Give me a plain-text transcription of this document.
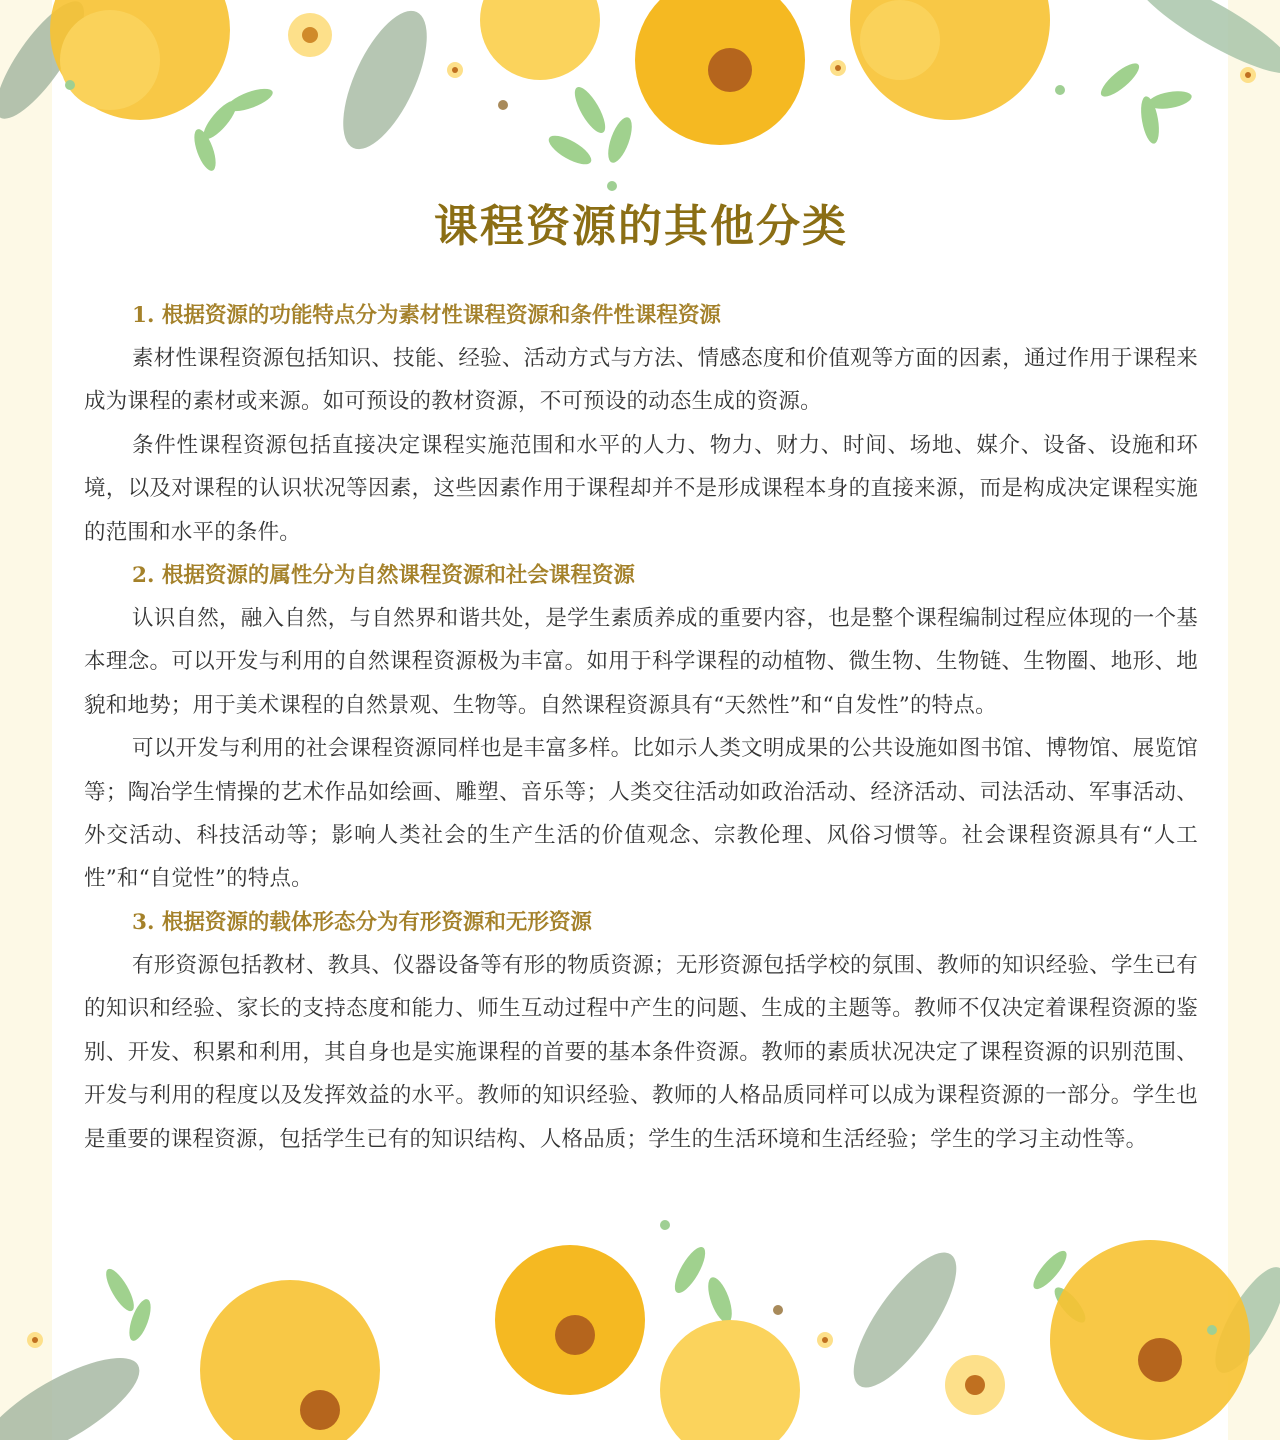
课程资源的其他分类

1. 根据资源的功能特点分为素材性课程资源和条件性课程资源

素材性课程资源包括知识、技能、经验、活动方式与方法、情感态度和价值观等方面的因素，通过作用于课程来成为课程的素材或来源。如可预设的教材资源，不可预设的动态生成的资源。

条件性课程资源包括直接决定课程实施范围和水平的人力、物力、财力、时间、场地、媒介、设备、设施和环境，以及对课程的认识状况等因素，这些因素作用于课程却并不是形成课程本身的直接来源，而是构成决定课程实施的范围和水平的条件。

2. 根据资源的属性分为自然课程资源和社会课程资源

认识自然，融入自然，与自然界和谐共处，是学生素质养成的重要内容，也是整个课程编制过程应体现的一个基本理念。可以开发与利用的自然课程资源极为丰富。如用于科学课程的动植物、微生物、生物链、生物圈、地形、地貌和地势；用于美术课程的自然景观、生物等。自然课程资源具有“天然性”和“自发性”的特点。

可以开发与利用的社会课程资源同样也是丰富多样。比如示人类文明成果的公共设施如图书馆、博物馆、展览馆等；陶冶学生情操的艺术作品如绘画、雕塑、音乐等；人类交往活动如政治活动、经济活动、司法活动、军事活动、外交活动、科技活动等；影响人类社会的生产生活的价值观念、宗教伦理、风俗习惯等。社会课程资源具有“人工性”和“自觉性”的特点。

3. 根据资源的载体形态分为有形资源和无形资源

有形资源包括教材、教具、仪器设备等有形的物质资源；无形资源包括学校的氛围、教师的知识经验、学生已有的知识和经验、家长的支持态度和能力、师生互动过程中产生的问题、生成的主题等。教师不仅决定着课程资源的鉴别、开发、积累和利用，其自身也是实施课程的首要的基本条件资源。教师的素质状况决定了课程资源的识别范围、开发与利用的程度以及发挥效益的水平。教师的知识经验、教师的人格品质同样可以成为课程资源的一部分。学生也是重要的课程资源，包括学生已有的知识结构、人格品质；学生的生活环境和生活经验；学生的学习主动性等。
